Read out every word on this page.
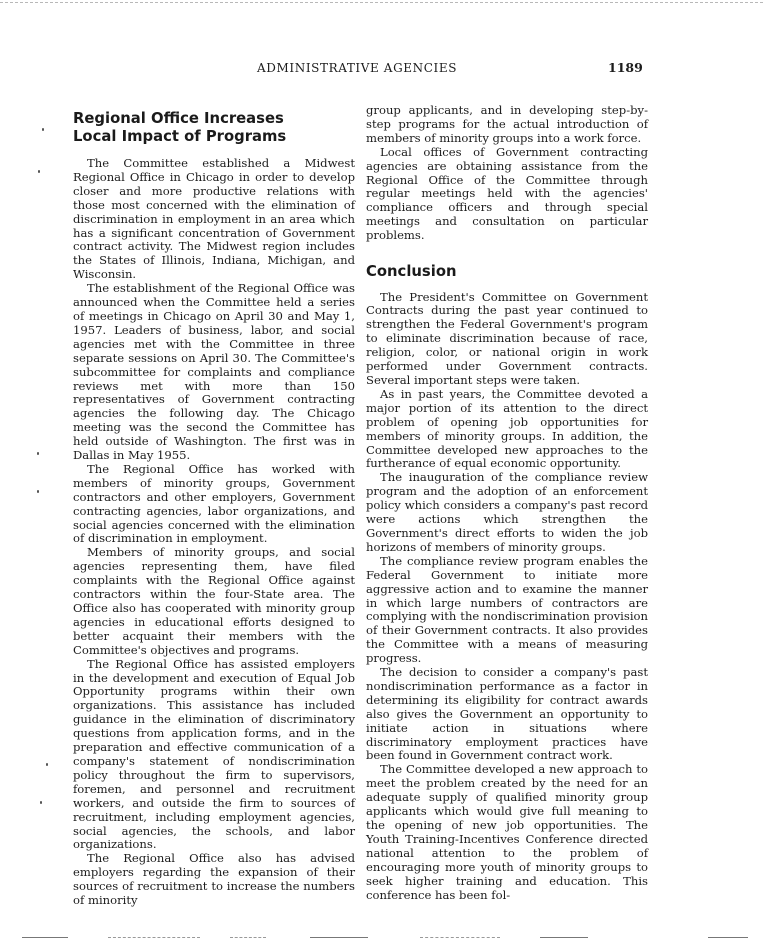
ADMINISTRATIVE AGENCIES	1189
Regional Office Increases
Local Impact of Programs

The Committee established a Midwest Regional Office in Chicago in order to develop closer and more productive relations with those most concerned with the elimination of discrimination in employment in an area which has a significant concentration of Government contract activity. The Midwest region includes the States of Illinois, Indiana, Michigan, and Wisconsin.

The establishment of the Regional Office was announced when the Committee held a series of meetings in Chicago on April 30 and May 1, 1957. Leaders of business, labor, and social agencies met with the Committee in three separate sessions on April 30. The Committee's subcommittee for complaints and compliance reviews met with more than 150 representatives of Government contracting agencies the following day. The Chicago meeting was the second the Committee has held outside of Washington. The first was in Dallas in May 1955.

The Regional Office has worked with members of minority groups, Government contractors and other employers, Government contracting agencies, labor organizations, and social agencies concerned with the elimination of discrimination in employment.

Members of minority groups, and social agencies representing them, have filed complaints with the Regional Office against contractors within the four-State area. The Office also has cooperated with minority group agencies in educational efforts designed to better acquaint their members with the Committee's objectives and programs.

The Regional Office has assisted employers in the development and execution of Equal Job Opportunity programs within their own organizations. This assistance has included guidance in the elimination of discriminatory questions from application forms, and in the preparation and effective communication of a company's statement of nondiscrimination policy throughout the firm to supervisors, foremen, and personnel and recruitment workers, and outside the firm to sources of recruitment, including employment agencies, social agencies, the schools, and labor organizations.

The Regional Office also has advised employers regarding the expansion of their sources of recruitment to increase the numbers of minority

group applicants, and in developing step-by-step programs for the actual introduction of members of minority groups into a work force.

Local offices of Government contracting agencies are obtaining assistance from the Regional Office of the Committee through regular meetings held with the agencies' compliance officers and through special meetings and consultation on particular problems.

Conclusion

The President's Committee on Government Contracts during the past year continued to strengthen the Federal Government's program to eliminate discrimination because of race, religion, color, or national origin in work performed under Government contracts. Several important steps were taken.

As in past years, the Committee devoted a major portion of its attention to the direct problem of opening job opportunities for members of minority groups. In addition, the Committee developed new approaches to the furtherance of equal economic opportunity.

The inauguration of the compliance review program and the adoption of an enforcement policy which considers a company's past record were actions which strengthen the Government's direct efforts to widen the job horizons of members of minority groups.

The compliance review program enables the Federal Government to initiate more aggressive action and to examine the manner in which large numbers of contractors are complying with the nondiscrimination provision of their Government contracts. It also provides the Committee with a means of measuring progress.

The decision to consider a company's past nondiscrimination performance as a factor in determining its eligibility for contract awards also gives the Government an opportunity to initiate action in situations where discriminatory employment practices have been found in Government contract work.

The Committee developed a new approach to meet the problem created by the need for an adequate supply of qualified minority group applicants which would give full meaning to the opening of new job opportunities. The Youth Training-Incentives Conference directed national attention to the problem of encouraging more youth of minority groups to seek higher training and education. This conference has been fol-
